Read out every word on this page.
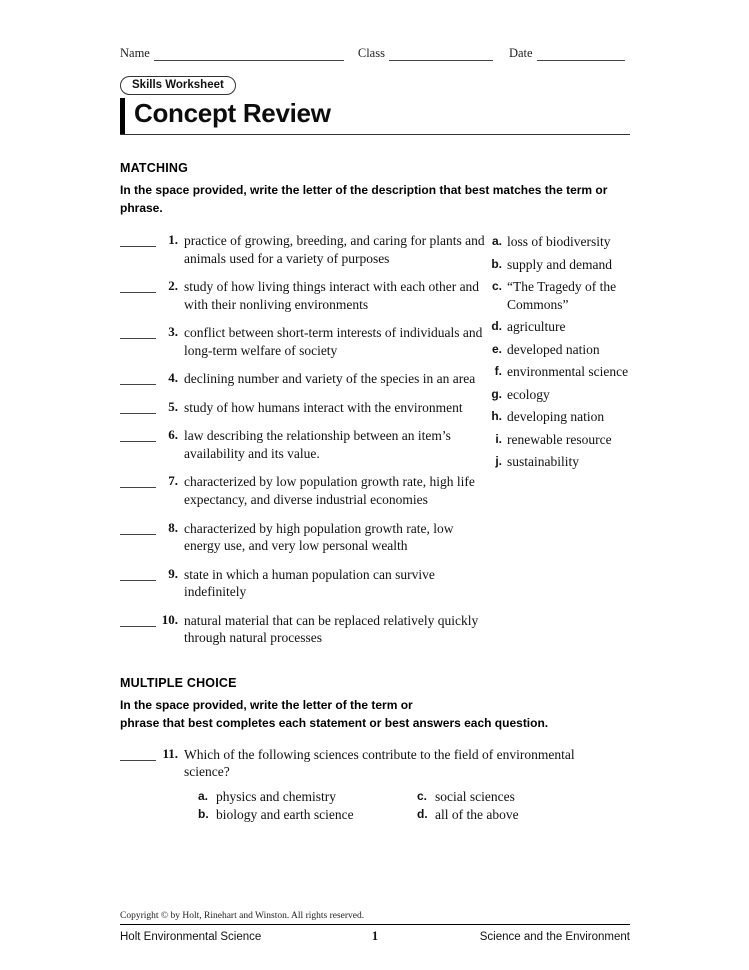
Name	Class	Date
Skills Worksheet
Concept Review
MATCHING
In the space provided, write the letter of the description that best matches the term or phrase.
1. practice of growing, breeding, and caring for plants and animals used for a variety of purposes
2. study of how living things interact with each other and with their nonliving environments
3. conflict between short-term interests of individuals and long-term welfare of society
4. declining number and variety of the species in an area
5. study of how humans interact with the environment
6. law describing the relationship between an item’s availability and its value.
7. characterized by low population growth rate, high life expectancy, and diverse industrial economies
8. characterized by high population growth rate, low energy use, and very low personal wealth
9. state in which a human population can survive indefinitely
10. natural material that can be replaced relatively quickly through natural processes
a. loss of biodiversity
b. supply and demand
c. “The Tragedy of the Commons”
d. agriculture
e. developed nation
f. environmental science
g. ecology
h. developing nation
i. renewable resource
j. sustainability
MULTIPLE CHOICE
In the space provided, write the letter of the term or
phrase that best completes each statement or best answers each question.
11. Which of the following sciences contribute to the field of environmental science?
a. physics and chemistry	c. social sciences
b. biology and earth science	d. all of the above
Copyright © by Holt, Rinehart and Winston. All rights reserved.
Holt Environmental Science	1	Science and the Environment
